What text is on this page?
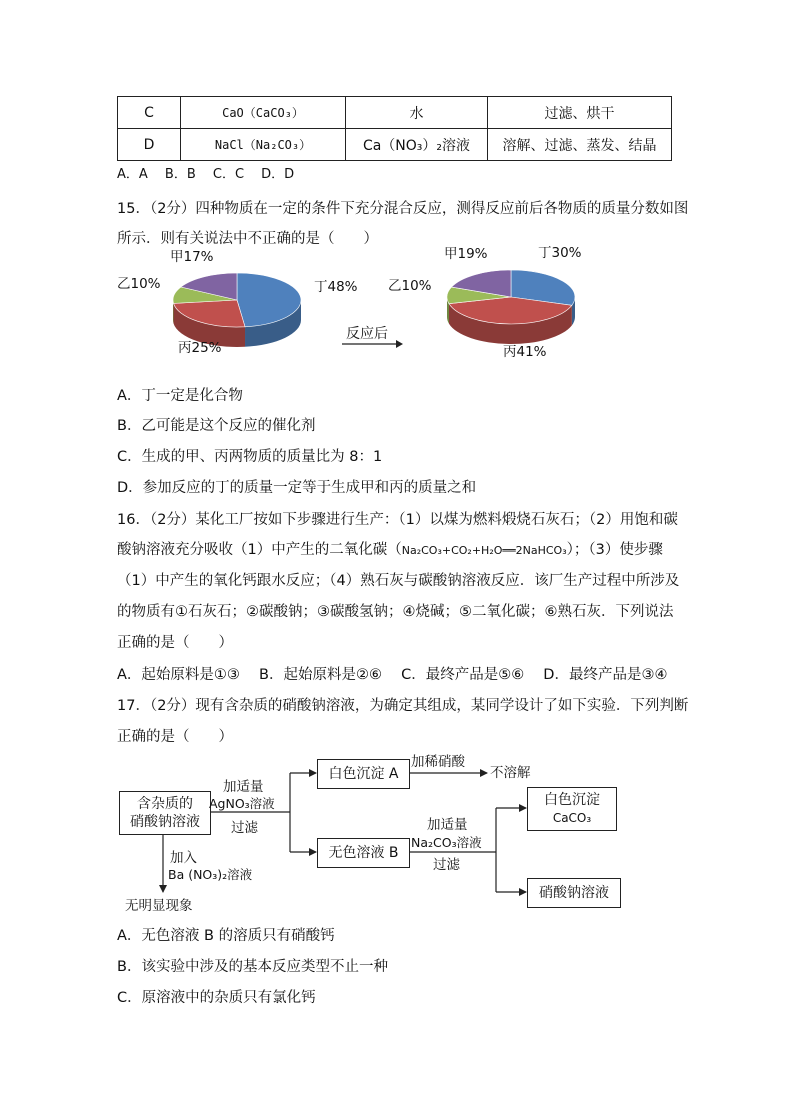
C	CaO（CaCO₃）	水	过滤、烘干
D	NaCl（Na₂CO₃）	Ca（NO₃）₂溶液	溶解、过滤、蒸发、结晶
A．A　 B．B　 C．C　 D．D
15．（2分）四种物质在一定的条件下充分混合反应，测得反应前后各物质的质量分数如图
所示．则有关说法中不正确的是（　　）
甲17%
乙10%
丙25%
丁48%
甲19%
乙10%
丙41%
丁30%
反应后
A．丁一定是化合物
B．乙可能是这个反应的催化剂
C．生成的甲、丙两物质的质量比为 8：1
D．参加反应的丁的质量一定等于生成甲和丙的质量之和
16．（2分）某化工厂按如下步骤进行生产：（1）以煤为燃料煅烧石灰石；（2）用饱和碳
酸钠溶液充分吸收（1）中产生的二氧化碳（Na₂CO₃+CO₂+H₂O══2NaHCO₃）；（3）使步骤
（1）中产生的氧化钙跟水反应；（4）熟石灰与碳酸钠溶液反应．该厂生产过程中所涉及
的物质有①石灰石；②碳酸钠；③碳酸氢钠；④烧碱；⑤二氧化碳；⑥熟石灰．下列说法
正确的是（　　）
A．起始原料是①③　 B．起始原料是②⑥　 C．最终产品是⑤⑥　 D．最终产品是③④
17．（2分）现有含杂质的硝酸钠溶液，为确定其组成，某同学设计了如下实验．下列判断
正确的是（　　）
含杂质的
硝酸钠溶液
白色沉淀 A
无色溶液 B
白色沉淀
CaCO₃
硝酸钠溶液
加适量
AgNO₃溶液
过滤
加稀硝酸
不溶解
加适量
Na₂CO₃溶液
过滤
加入
Ba (NO₃)₂溶液
无明显现象
A．无色溶液 B 的溶质只有硝酸钙
B．该实验中涉及的基本反应类型不止一种
C．原溶液中的杂质只有氯化钙
